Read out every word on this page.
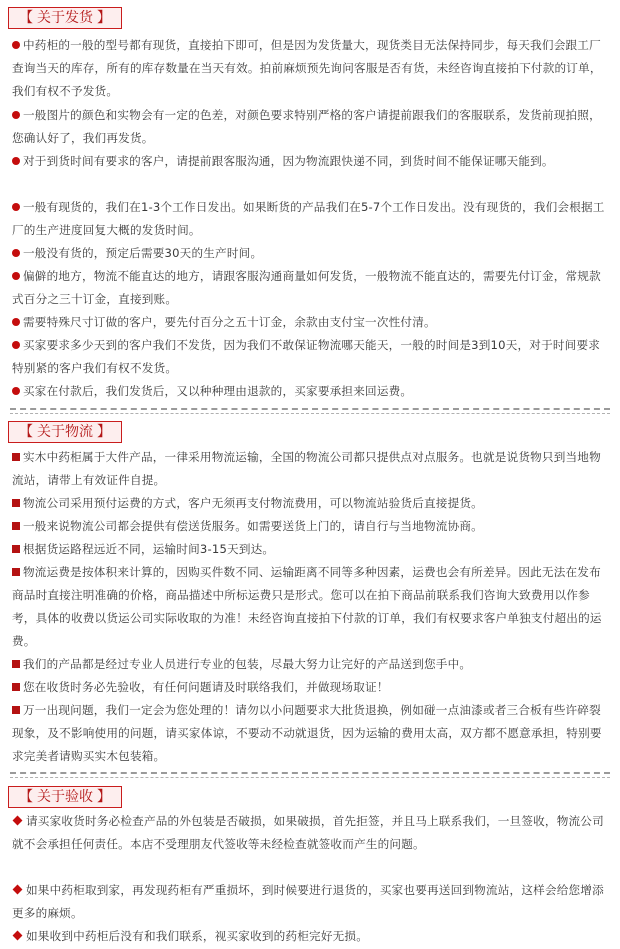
【 关于发货 】
中药柜的一般的型号都有现货，直接拍下即可，但是因为发货量大，现货类目无法保持同步，每天我们会跟工厂查询当天的库存，所有的库存数量在当天有效。拍前麻烦预先询问客服是否有货，未经咨询直接拍下付款的订单，我们有权不予发货。
一般图片的颜色和实物会有一定的色差，对颜色要求特别严格的客户请提前跟我们的客服联系，发货前现拍照，您确认好了，我们再发货。
对于到货时间有要求的客户，请提前跟客服沟通，因为物流跟快递不同，到货时间不能保证哪天能到。
一般有现货的，我们在1-3个工作日发出。如果断货的产品我们在5-7个工作日发出。没有现货的，我们会根据工厂的生产进度回复大概的发货时间。
一般没有货的，预定后需要30天的生产时间。
偏僻的地方，物流不能直达的地方，请跟客服沟通商量如何发货，一般物流不能直达的，需要先付订金，常规款式百分之三十订金，直接到账。
需要特殊尺寸订做的客户，要先付百分之五十订金，余款由支付宝一次性付清。
买家要求多少天到的客户我们不发货，因为我们不敢保证物流哪天能天，一般的时间是3到10天，对于时间要求特别紧的客户我们有权不发货。
买家在付款后，我们发货后，又以种种理由退款的，买家要承担来回运费。
【 关于物流 】
实木中药柜属于大件产品，一律采用物流运输，全国的物流公司都只提供点对点服务。也就是说货物只到当地物流站，请带上有效证件自提。
物流公司采用预付运费的方式，客户无须再支付物流费用，可以物流站验货后直接提货。
一般来说物流公司都会提供有偿送货服务。如需要送货上门的，请自行与当地物流协商。
根据货运路程远近不同，运输时间3-15天到达。
物流运费是按体积来计算的，因购买件数不同、运输距离不同等多种因素，运费也会有所差异。因此无法在发布商品时直接注明准确的价格，商品描述中所标运费只是形式。您可以在拍下商品前联系我们咨询大致费用以作参考，具体的收费以货运公司实际收取的为准！未经咨询直接拍下付款的订单，我们有权要求客户单独支付超出的运费。
我们的产品都是经过专业人员进行专业的包装，尽最大努力让完好的产品送到您手中。
您在收货时务必先验收，有任何问题请及时联络我们，并做现场取证！
万一出现问题，我们一定会为您处理的！请勿以小问题要求大批货退换，例如碰一点油漆或者三合板有些许碎裂现象，及不影响使用的问题，请买家体谅，不要动不动就退货，因为运输的费用太高，双方都不愿意承担，特别要求完美者请购买实木包装箱。
【 关于验收 】
请买家收货时务必检查产品的外包装是否破损，如果破损，首先拒签，并且马上联系我们，一旦签收，物流公司就不会承担任何责任。本店不受理朋友代签收等未经检查就签收而产生的问题。
如果中药柜取到家，再发现药柜有严重损坏，到时候要进行退货的，买家也要再送回到物流站，这样会给您增添更多的麻烦。
如果收到中药柜后没有和我们联系，视买家收到的药柜完好无损。
